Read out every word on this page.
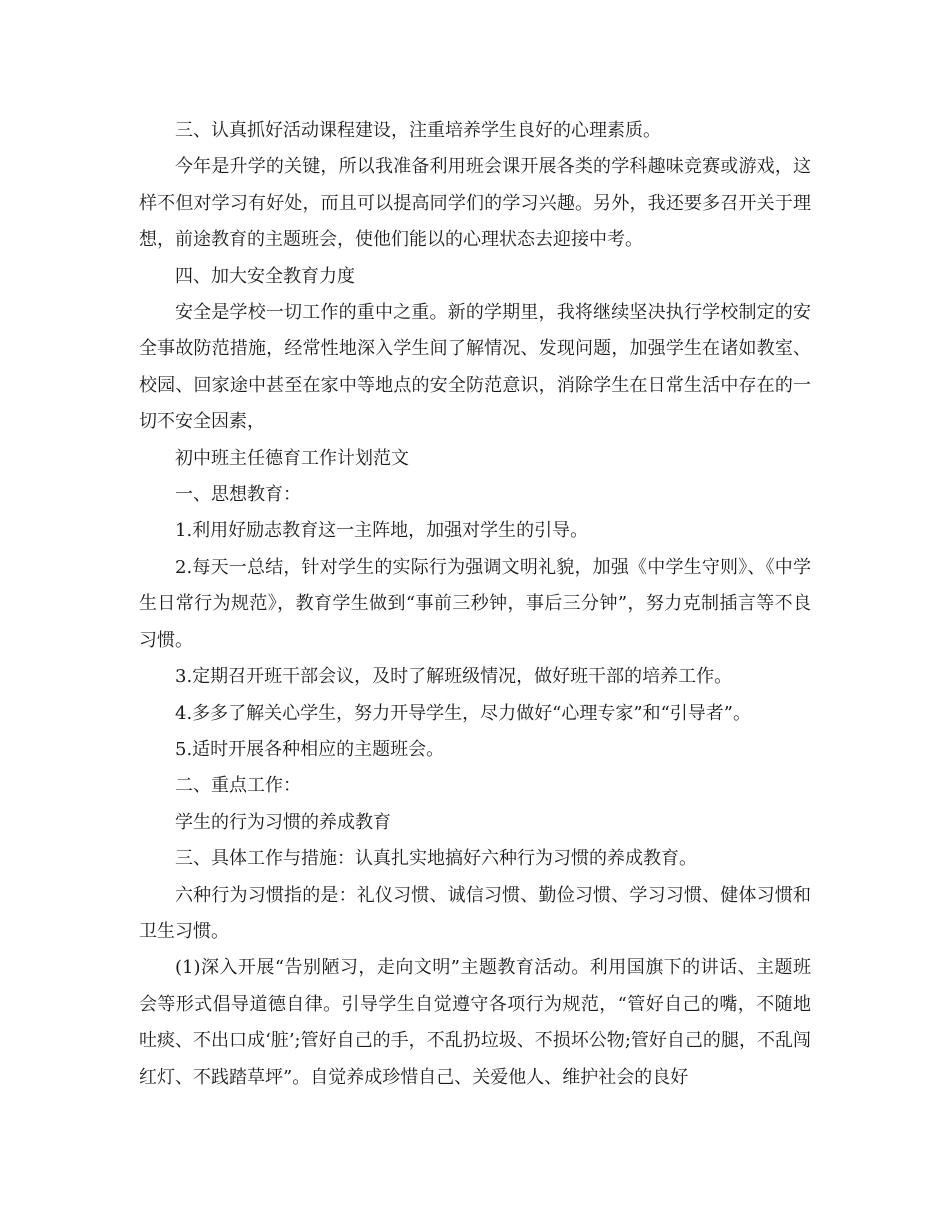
三、认真抓好活动课程建设，注重培养学生良好的心理素质。

今年是升学的关键，所以我准备利用班会课开展各类的学科趣味竞赛或游戏，这样不但对学习有好处，而且可以提高同学们的学习兴趣。另外，我还要多召开关于理想，前途教育的主题班会，使他们能以的心理状态去迎接中考。

四、加大安全教育力度

安全是学校一切工作的重中之重。新的学期里，我将继续坚决执行学校制定的安全事故防范措施，经常性地深入学生间了解情况、发现问题，加强学生在诸如教室、校园、回家途中甚至在家中等地点的安全防范意识，消除学生在日常生活中存在的一切不安全因素，

初中班主任德育工作计划范文

一、思想教育：

1.利用好励志教育这一主阵地，加强对学生的引导。

2.每天一总结，针对学生的实际行为强调文明礼貌，加强《中学生守则》、《中学生日常行为规范》，教育学生做到“事前三秒钟，事后三分钟”，努力克制插言等不良习惯。

3.定期召开班干部会议，及时了解班级情况，做好班干部的培养工作。

4.多多了解关心学生，努力开导学生，尽力做好“心理专家”和“引导者”。

5.适时开展各种相应的主题班会。

二、重点工作：

学生的行为习惯的养成教育

三、具体工作与措施：认真扎实地搞好六种行为习惯的养成教育。

六种行为习惯指的是：礼仪习惯、诚信习惯、勤俭习惯、学习习惯、健体习惯和卫生习惯。

(1)深入开展“告别陋习，走向文明”主题教育活动。利用国旗下的讲话、主题班会等形式倡导道德自律。引导学生自觉遵守各项行为规范，“管好自己的嘴，不随地吐痰、不出口成‘脏’;管好自己的手，不乱扔垃圾、不损坏公物;管好自己的腿，不乱闯红灯、不践踏草坪”。自觉养成珍惜自己、关爱他人、维护社会的良好
